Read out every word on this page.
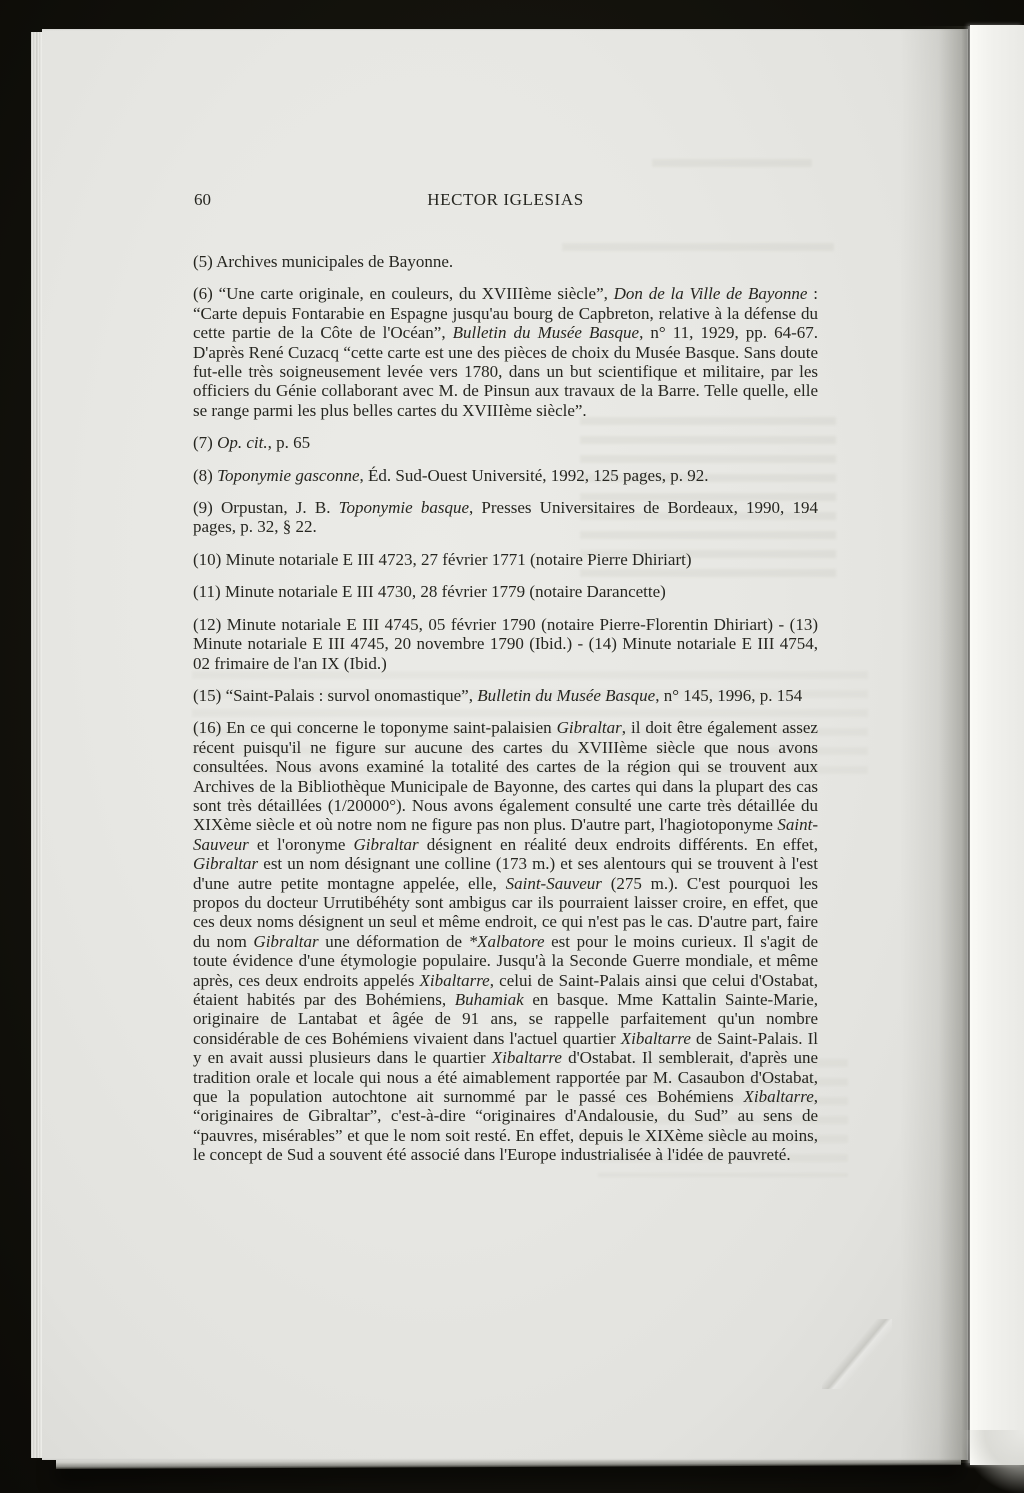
60	HECTOR IGLESIAS

(5) Archives municipales de Bayonne.

(6) “Une carte originale, en couleurs, du XVIIIème siècle”, Don de la Ville de Bayonne : “Carte depuis Fontarabie en Espagne jusqu'au bourg de Capbreton, relative à la défense du cette partie de la Côte de l'Océan”, Bulletin du Musée Basque, n° 11, 1929, pp. 64-67. D'après René Cuzacq “cette carte est une des pièces de choix du Musée Basque. Sans doute fut-elle très soigneusement levée vers 1780, dans un but scientifique et militaire, par les officiers du Génie collaborant avec M. de Pinsun aux travaux de la Barre. Telle quelle, elle se range parmi les plus belles cartes du XVIIIème siècle”.

(7) Op. cit., p. 65

(8) Toponymie gasconne, Éd. Sud-Ouest Université, 1992, 125 pages, p. 92.

(9) Orpustan, J. B. Toponymie basque, Presses Universitaires de Bordeaux, 1990, 194 pages, p. 32, § 22.

(10) Minute notariale E III 4723, 27 février 1771 (notaire Pierre Dhiriart)

(11) Minute notariale E III 4730, 28 février 1779 (notaire Darancette)

(12) Minute notariale E III 4745, 05 février 1790 (notaire Pierre-Florentin Dhiriart) - (13) Minute notariale E III 4745, 20 novembre 1790 (Ibid.) - (14) Minute notariale E III 4754, 02 frimaire de l'an IX (Ibid.)

(15) “Saint-Palais : survol onomastique”, Bulletin du Musée Basque, n° 145, 1996, p. 154

(16) En ce qui concerne le toponyme saint-palaisien Gibraltar, il doit être également assez récent puisqu'il ne figure sur aucune des cartes du XVIIIème siècle que nous avons consultées. Nous avons examiné la totalité des cartes de la région qui se trouvent aux Archives de la Bibliothèque Municipale de Bayonne, des cartes qui dans la plupart des cas sont très détaillées (1/20000°). Nous avons également consulté une carte très détaillée du XIXème siècle et où notre nom ne figure pas non plus. D'autre part, l'hagiotoponyme Saint-Sauveur et l'oronyme Gibraltar désignent en réalité deux endroits différents. En effet, Gibraltar est un nom désignant une colline (173 m.) et ses alentours qui se trouvent à l'est d'une autre petite montagne appelée, elle, Saint-Sauveur (275 m.). C'est pourquoi les propos du docteur Urrutibéhéty sont ambigus car ils pourraient laisser croire, en effet, que ces deux noms désignent un seul et même endroit, ce qui n'est pas le cas. D'autre part, faire du nom Gibraltar une déformation de *Xalbatore est pour le moins curieux. Il s'agit de toute évidence d'une étymologie populaire. Jusqu'à la Seconde Guerre mondiale, et même après, ces deux endroits appelés Xibaltarre, celui de Saint-Palais ainsi que celui d'Ostabat, étaient habités par des Bohémiens, Buhamiak en basque. Mme Kattalin Sainte-Marie, originaire de Lantabat et âgée de 91 ans, se rappelle parfaitement qu'un nombre considérable de ces Bohémiens vivaient dans l'actuel quartier Xibaltarre de Saint-Palais. Il y en avait aussi plusieurs dans le quartier Xibaltarre d'Ostabat. Il semblerait, d'après une tradition orale et locale qui nous a été aimablement rapportée par M. Casaubon d'Ostabat, que la population autochtone ait surnommé par le passé ces Bohémiens Xibaltarre, “originaires de Gibraltar”, c'est-à-dire “originaires d'Andalousie, du Sud” au sens de “pauvres, misérables” et que le nom soit resté. En effet, depuis le XIXème siècle au moins, le concept de Sud a souvent été associé dans l'Europe industrialisée à l'idée de pauvreté.
